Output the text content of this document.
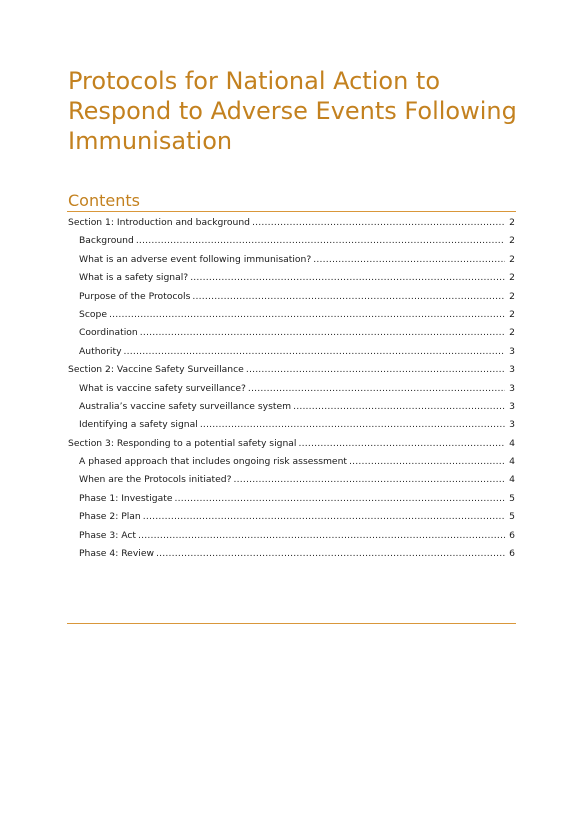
Protocols for National Action to Respond to Adverse Events Following Immunisation
Contents
Section 1: Introduction and background .....	2
Background .....	2
What is an adverse event following immunisation? .....	2
What is a safety signal? .....	2
Purpose of the Protocols .....	2
Scope .....	2
Coordination .....	2
Authority .....	3
Section 2: Vaccine Safety Surveillance .....	3
What is vaccine safety surveillance? .....	3
Australia’s vaccine safety surveillance system .....	3
Identifying a safety signal .....	3
Section 3: Responding to a potential safety signal .....	4
A phased approach that includes ongoing risk assessment .....	4
When are the Protocols initiated? .....	4
Phase 1: Investigate .....	5
Phase 2: Plan .....	5
Phase 3: Act .....	6
Phase 4: Review .....	6
